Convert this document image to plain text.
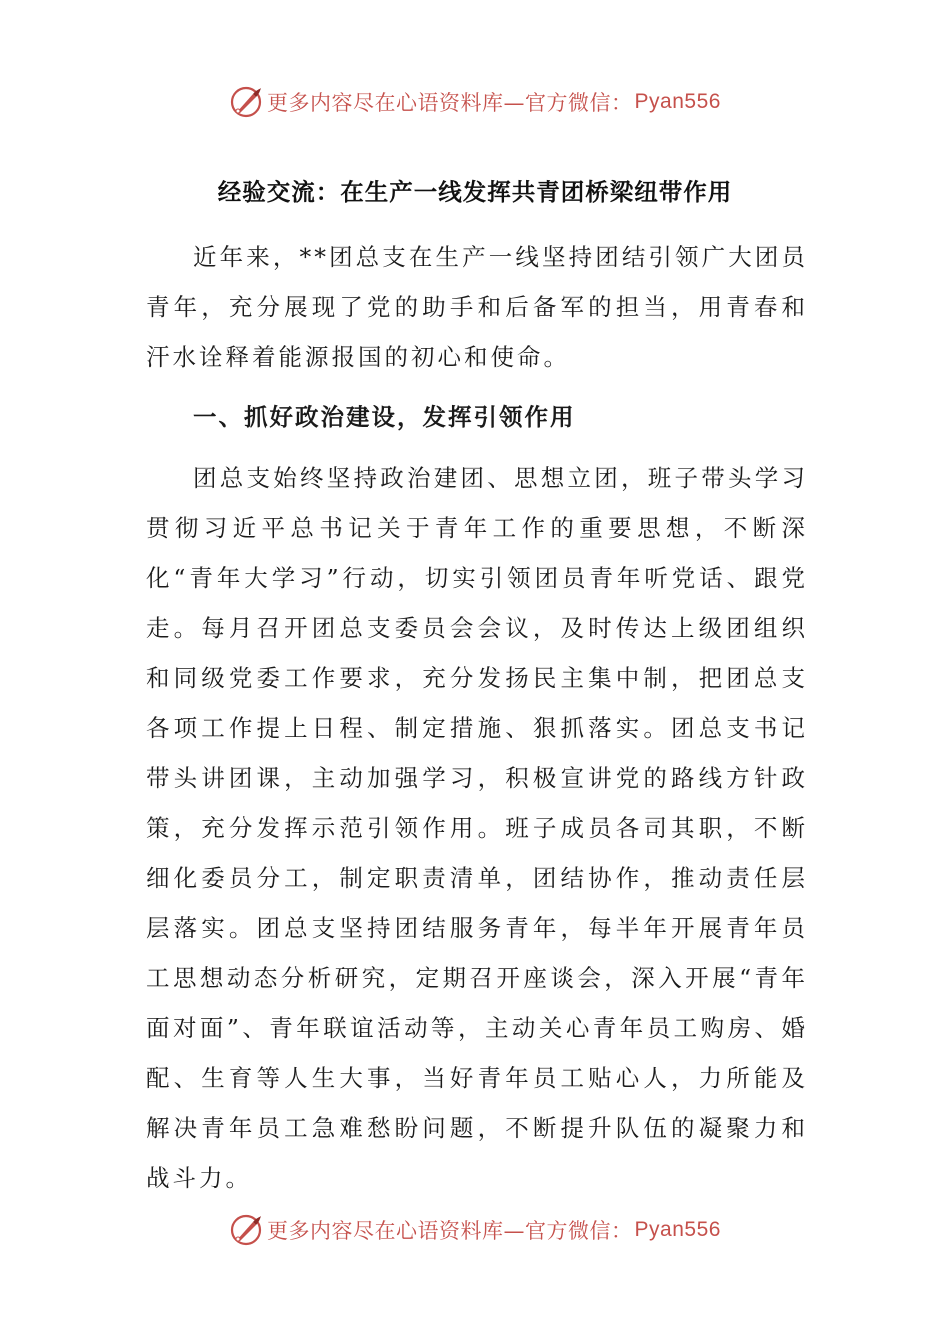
更多内容尽在心语资料库—官方微信： Pyan556
经验交流：在生产一线发挥共青团桥梁纽带作用

近年来，**团总支在生产一线坚持团结引领广大团员青年，充分展现了党的助手和后备军的担当，用青春和汗水诠释着能源报国的初心和使命。

一、抓好政治建设，发挥引领作用

团总支始终坚持政治建团、思想立团，班子带头学习贯彻习近平总书记关于青年工作的重要思想，不断深化“青年大学习”行动，切实引领团员青年听党话、跟党走。每月召开团总支委员会会议，及时传达上级团组织和同级党委工作要求，充分发扬民主集中制，把团总支各项工作提上日程、制定措施、狠抓落实。团总支书记带头讲团课，主动加强学习，积极宣讲党的路线方针政策，充分发挥示范引领作用。班子成员各司其职，不断细化委员分工，制定职责清单，团结协作，推动责任层层落实。团总支坚持团结服务青年，每半年开展青年员工思想动态分析研究，定期召开座谈会，深入开展“青年面对面”、青年联谊活动等，主动关心青年员工购房、婚配、生育等人生大事，当好青年员工贴心人，力所能及解决青年员工急难愁盼问题，不断提升队伍的凝聚力和战斗力。

更多内容尽在心语资料库—官方微信： Pyan556
